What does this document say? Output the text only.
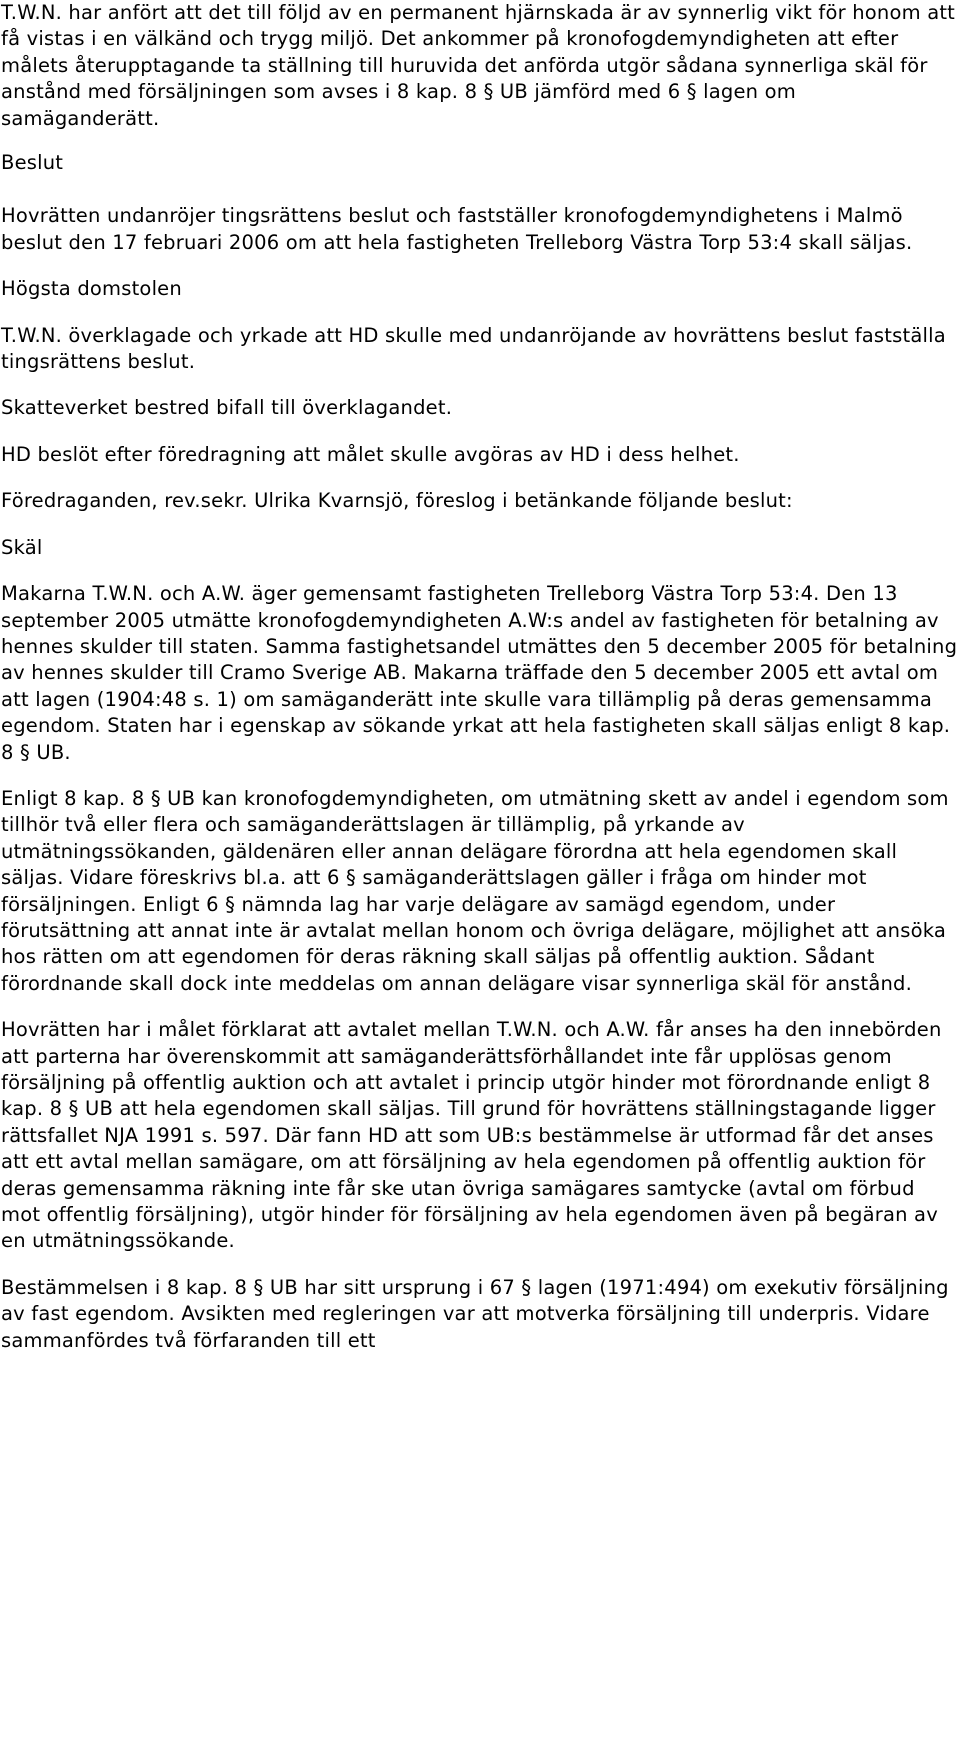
T.W.N. har anfört att det till följd av en permanent hjärnskada är av synnerlig vikt för honom att få vistas i en välkänd och trygg miljö. Det ankommer på kronofogdemyndigheten att efter målets återupptagande ta ställning till huruvida det anförda utgör sådana synnerliga skäl för anstånd med försäljningen som avses i 8 kap. 8 § UB jämförd med 6 § lagen om samäganderätt.

Beslut

Hovrätten undanröjer tingsrättens beslut och fastställer kronofogdemyndighetens i Malmö beslut den 17 februari 2006 om att hela fastigheten Trelleborg Västra Torp 53:4 skall säljas.

Högsta domstolen

T.W.N. överklagade och yrkade att HD skulle med undanröjande av hovrättens beslut fastställa tingsrättens beslut.

Skatteverket bestred bifall till överklagandet.

HD beslöt efter föredragning att målet skulle avgöras av HD i dess helhet.

Föredraganden, rev.sekr. Ulrika Kvarnsjö, föreslog i betänkande följande beslut:

Skäl

Makarna T.W.N. och A.W. äger gemensamt fastigheten Trelleborg Västra Torp 53:4. Den 13 september 2005 utmätte kronofogdemyndigheten A.W:s andel av fastigheten för betalning av hennes skulder till staten. Samma fastighetsandel utmättes den 5 december 2005 för betalning av hennes skulder till Cramo Sverige AB. Makarna träffade den 5 december 2005 ett avtal om att lagen (1904:48 s. 1) om samäganderätt inte skulle vara tillämplig på deras gemensamma egendom. Staten har i egenskap av sökande yrkat att hela fastigheten skall säljas enligt 8 kap. 8 § UB.

Enligt 8 kap. 8 § UB kan kronofogdemyndigheten, om utmätning skett av andel i egendom som tillhör två eller flera och samäganderättslagen är tillämplig, på yrkande av utmätningssökanden, gäldenären eller annan delägare förordna att hela egendomen skall säljas. Vidare föreskrivs bl.a. att 6 § samäganderättslagen gäller i fråga om hinder mot försäljningen. Enligt 6 § nämnda lag har varje delägare av samägd egendom, under förutsättning att annat inte är avtalat mellan honom och övriga delägare, möjlighet att ansöka hos rätten om att egendomen för deras räkning skall säljas på offentlig auktion. Sådant förordnande skall dock inte meddelas om annan delägare visar synnerliga skäl för anstånd.

Hovrätten har i målet förklarat att avtalet mellan T.W.N. och A.W. får anses ha den innebörden att parterna har överenskommit att samäganderättsförhållandet inte får upplösas genom försäljning på offentlig auktion och att avtalet i princip utgör hinder mot förordnande enligt 8 kap. 8 § UB att hela egendomen skall säljas. Till grund för hovrättens ställningstagande ligger rättsfallet NJA 1991 s. 597. Där fann HD att som UB:s bestämmelse är utformad får det anses att ett avtal mellan samägare, om att försäljning av hela egendomen på offentlig auktion för deras gemensamma räkning inte får ske utan övriga samägares samtycke (avtal om förbud mot offentlig försäljning), utgör hinder för försäljning av hela egendomen även på begäran av en utmätningssökande.

Bestämmelsen i 8 kap. 8 § UB har sitt ursprung i 67 § lagen (1971:494) om exekutiv försäljning av fast egendom. Avsikten med regleringen var att motverka försäljning till underpris. Vidare sammanfördes två förfaranden till ett
